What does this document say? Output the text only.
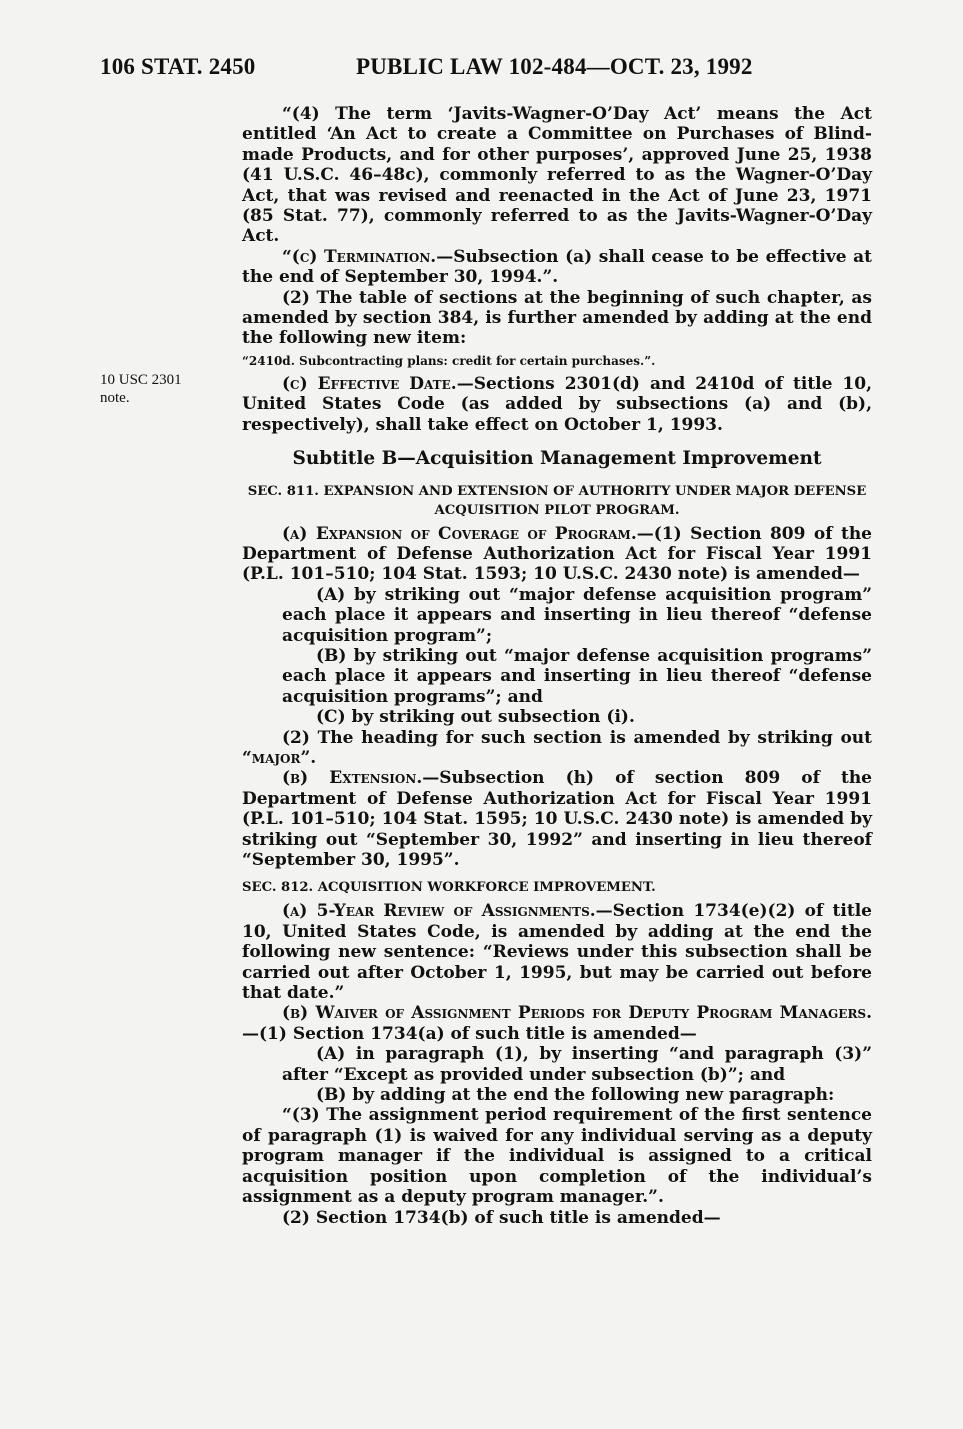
106 STAT. 2450	PUBLIC LAW 102-484—OCT. 23, 1992
10 USC 2301
note.

“(4) The term ‘Javits-Wagner-O’Day Act’ means the Act entitled ‘An Act to create a Committee on Purchases of Blind-made Products, and for other purposes’, approved June 25, 1938 (41 U.S.C. 46–48c), commonly referred to as the Wagner-O’Day Act, that was revised and reenacted in the Act of June 23, 1971 (85 Stat. 77), commonly referred to as the Javits-Wagner-O’Day Act.

“(c) Termination.—Subsection (a) shall cease to be effective at the end of September 30, 1994.”.

(2) The table of sections at the beginning of such chapter, as amended by section 384, is further amended by adding at the end the following new item:

“2410d. Subcontracting plans: credit for certain purchases.”.

(c) Effective Date.—Sections 2301(d) and 2410d of title 10, United States Code (as added by subsections (a) and (b), respectively), shall take effect on October 1, 1993.

Subtitle B—Acquisition Management Improvement

SEC. 811. EXPANSION AND EXTENSION OF AUTHORITY UNDER MAJOR DEFENSE ACQUISITION PILOT PROGRAM.

(a) Expansion of Coverage of Program.—(1) Section 809 of the Department of Defense Authorization Act for Fiscal Year 1991 (P.L. 101–510; 104 Stat. 1593; 10 U.S.C. 2430 note) is amended—

(A) by striking out “major defense acquisition program” each place it appears and inserting in lieu thereof “defense acquisition program”;

(B) by striking out “major defense acquisition programs” each place it appears and inserting in lieu thereof “defense acquisition programs”; and

(C) by striking out subsection (i).

(2) The heading for such section is amended by striking out “major”.

(b) Extension.—Subsection (h) of section 809 of the Department of Defense Authorization Act for Fiscal Year 1991 (P.L. 101–510; 104 Stat. 1595; 10 U.S.C. 2430 note) is amended by striking out “September 30, 1992” and inserting in lieu thereof “September 30, 1995”.

SEC. 812. ACQUISITION WORKFORCE IMPROVEMENT.

(a) 5-Year Review of Assignments.—Section 1734(e)(2) of title 10, United States Code, is amended by adding at the end the following new sentence: “Reviews under this subsection shall be carried out after October 1, 1995, but may be carried out before that date.”

(b) Waiver of Assignment Periods for Deputy Program Managers.—(1) Section 1734(a) of such title is amended—

(A) in paragraph (1), by inserting “and paragraph (3)” after “Except as provided under subsection (b)”; and

(B) by adding at the end the following new paragraph:

“(3) The assignment period requirement of the first sentence of paragraph (1) is waived for any individual serving as a deputy program manager if the individual is assigned to a critical acquisition position upon completion of the individual’s assignment as a deputy program manager.”.

(2) Section 1734(b) of such title is amended—
